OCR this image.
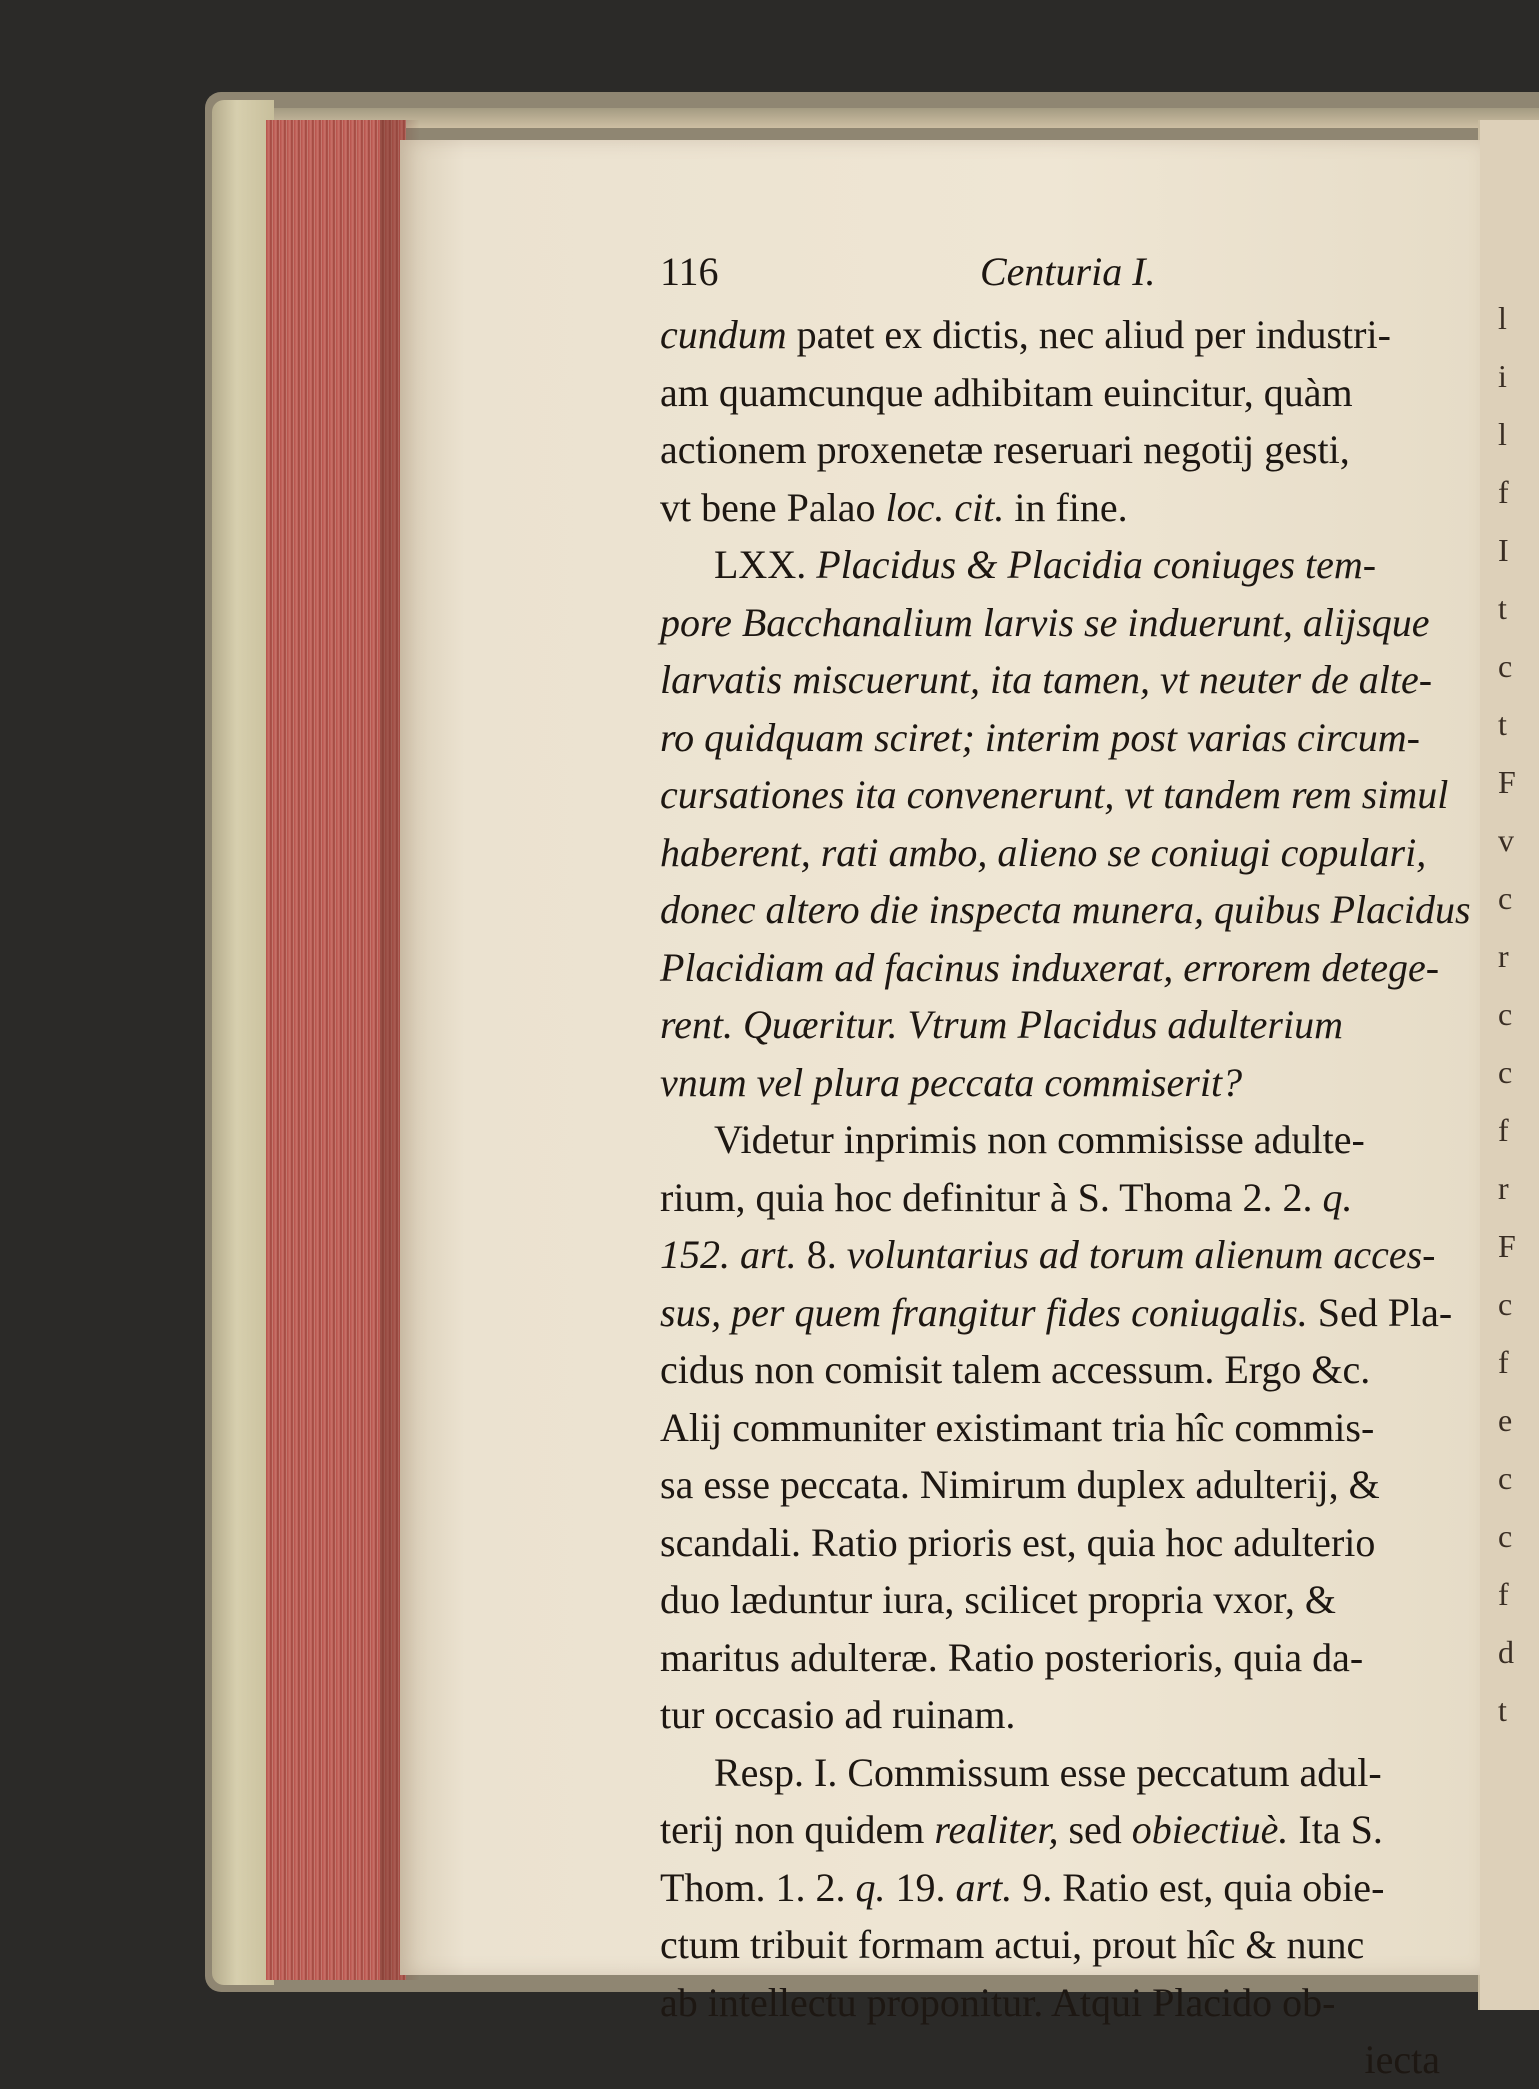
l
i
l
f
I
t
c
t
F
v
c
r
c
c
f
r
F
c
f
e
c
c
f
d
t
116	Centuria I.
cundum patet ex dictis, nec aliud per industri-
am quamcunque adhibitam euincitur, quàm
actionem proxenetæ reseruari negotij gesti,
vt bene Palao loc. cit. in fine.
LXX. Placidus & Placidia coniuges tem-
pore Bacchanalium larvis se induerunt, alijsque
larvatis miscuerunt, ita tamen, vt neuter de alte-
ro quidquam sciret; interim post varias circum-
cursationes ita convenerunt, vt tandem rem simul
haberent, rati ambo, alieno se coniugi copulari,
donec altero die inspecta munera, quibus Placidus
Placidiam ad facinus induxerat, errorem detege-
rent. Quæritur. Vtrum Placidus adulterium
vnum vel plura peccata commiserit?
Videtur inprimis non commisisse adulte-
rium, quia hoc definitur à S. Thoma 2. 2. q.
152. art. 8. voluntarius ad torum alienum acces-
sus, per quem frangitur fides coniugalis. Sed Pla-
cidus non comisit talem accessum. Ergo &c.
Alij communiter existimant tria hîc commis-
sa esse peccata. Nimirum duplex adulterij, &
scandali. Ratio prioris est, quia hoc adulterio
duo læduntur iura, scilicet propria vxor, &
maritus adulteræ. Ratio posterioris, quia da-
tur occasio ad ruinam.
Resp. I. Commissum esse peccatum adul-
terij non quidem realiter, sed obiectiuè. Ita S.
Thom. 1. 2. q. 19. art. 9. Ratio est, quia obie-
ctum tribuit formam actui, prout hîc & nunc
ab intellectu proponitur. Atqui Placido ob-
iecta
